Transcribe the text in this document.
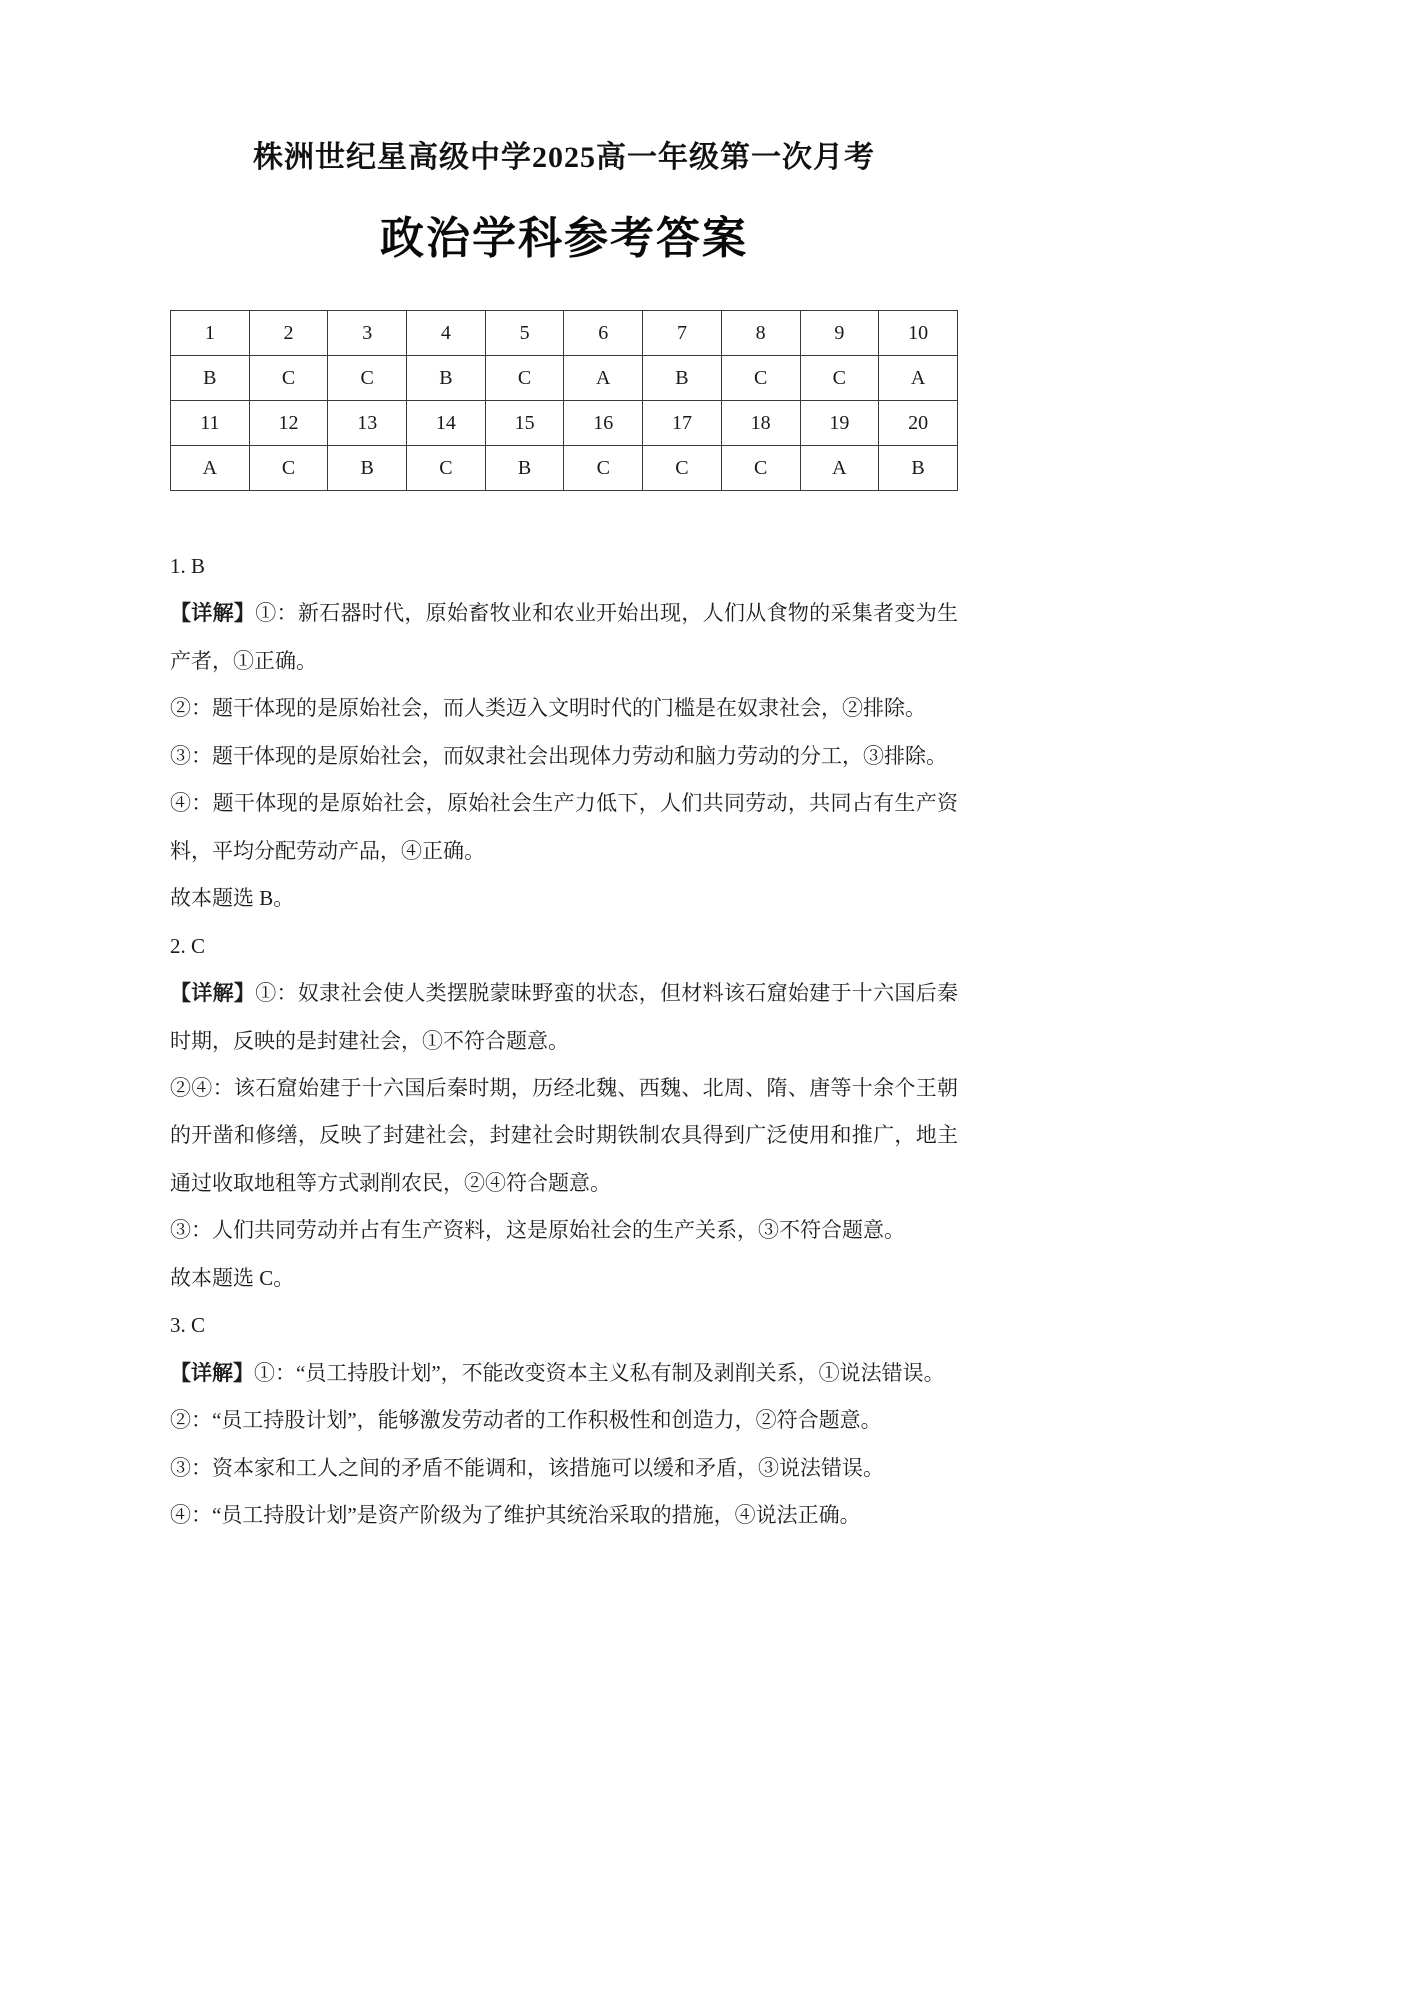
株洲世纪星高级中学2025高一年级第一次月考
政治学科参考答案
1	2	3	4	5	6	7	8	9	10
B	C	C	B	C	A	B	C	C	A
11	12	13	14	15	16	17	18	19	20
A	C	B	C	B	C	C	C	A	B

1. B

【详解】①：新石器时代，原始畜牧业和农业开始出现，人们从食物的采集者变为生产者，①正确。

②：题干体现的是原始社会，而人类迈入文明时代的门槛是在奴隶社会，②排除。

③：题干体现的是原始社会，而奴隶社会出现体力劳动和脑力劳动的分工，③排除。

④：题干体现的是原始社会，原始社会生产力低下，人们共同劳动，共同占有生产资料，平均分配劳动产品，④正确。

故本题选 B。

2. C

【详解】①：奴隶社会使人类摆脱蒙昧野蛮的状态，但材料该石窟始建于十六国后秦时期，反映的是封建社会，①不符合题意。

②④：该石窟始建于十六国后秦时期，历经北魏、西魏、北周、隋、唐等十余个王朝的开凿和修缮，反映了封建社会，封建社会时期铁制农具得到广泛使用和推广，地主通过收取地租等方式剥削农民，②④符合题意。

③：人们共同劳动并占有生产资料，这是原始社会的生产关系，③不符合题意。

故本题选 C。

3. C

【详解】①：“员工持股计划”，不能改变资本主义私有制及剥削关系，①说法错误。

②：“员工持股计划”，能够激发劳动者的工作积极性和创造力，②符合题意。

③：资本家和工人之间的矛盾不能调和，该措施可以缓和矛盾，③说法错误。

④：“员工持股计划”是资产阶级为了维护其统治采取的措施，④说法正确。
